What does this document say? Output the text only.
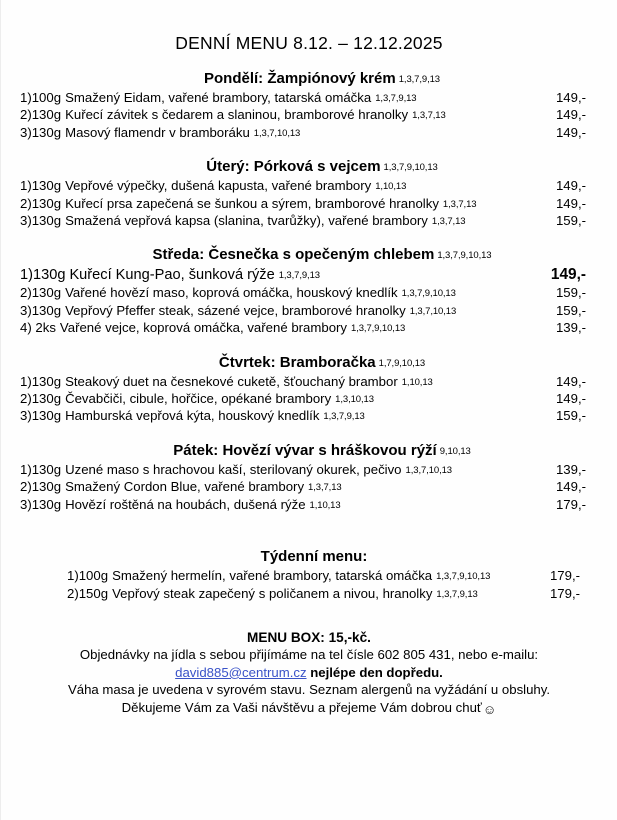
DENNÍ MENU 8.12. – 12.12.2025
Pondělí: Žampiónový krém 1,3,7,9,13
1)100g Smažený Eidam, vařené brambory, tatarská omáčka 1,3,7,9,13	149,-
2)130g Kuřecí závitek s čedarem a slaninou, bramborové hranolky 1,3,7,13	149,-
3)130g Masový flamendr v bramboráku 1,3,7,10,13	149,-
Úterý: Pórková s vejcem 1,3,7,9,10,13
1)130g Vepřové výpečky, dušená kapusta, vařené brambory 1,10,13	149,-
2)130g Kuřecí prsa zapečená se šunkou a sýrem, bramborové hranolky 1,3,7,13	149,-
3)130g Smažená vepřová kapsa (slanina, tvarůžky), vařené brambory 1,3,7,13	159,-
Středa: Česnečka s opečeným chlebem 1,3,7,9,10,13
1)130g Kuřecí Kung-Pao, šunková rýže 1,3,7,9,13	149,-
2)130g Vařené hovězí maso, koprová omáčka, houskový knedlík 1,3,7,9,10,13	159,-
3)130g Vepřový Pfeffer steak, sázené vejce, bramborové hranolky 1,3,7,10,13	159,-
4) 2ks Vařené vejce, koprová omáčka, vařené brambory 1,3,7,9,10,13	139,-
Čtvrtek: Bramboračka 1,7,9,10,13
1)130g Steakový duet na česnekové cuketě, šťouchaný brambor 1,10,13	149,-
2)130g Čevabčiči, cibule, hořčice, opékané brambory 1,3,10,13	149,-
3)130g Hamburská vepřová kýta, houskový knedlík 1,3,7,9,13	159,-
Pátek: Hovězí vývar s hráškovou rýží 9,10,13
1)130g Uzené maso s hrachovou kaší, sterilovaný okurek, pečivo 1,3,7,10,13	139,-
2)130g Smažený Cordon Blue, vařené brambory 1,3,7,13	149,-
3)130g Hovězí roštěná na houbách, dušená rýže 1,10,13	179,-
Týdenní menu:
1)100g Smažený hermelín, vařené brambory, tatarská omáčka 1,3,7,9,10,13	179,-
2)150g Vepřový steak zapečený s poličanem a nivou, hranolky 1,3,7,9,13	179,-
MENU BOX: 15,-kč.
Objednávky na jídla s sebou přijímáme na tel čísle 602 805 431, nebo e-mailu:
david885@centrum.cz nejlépe den dopředu.
Váha masa je uvedena v syrovém stavu. Seznam alergenů na vyžádání u obsluhy.
Děkujeme Vám za Vaši návštěvu a přejeme Vám dobrou chuť☺
